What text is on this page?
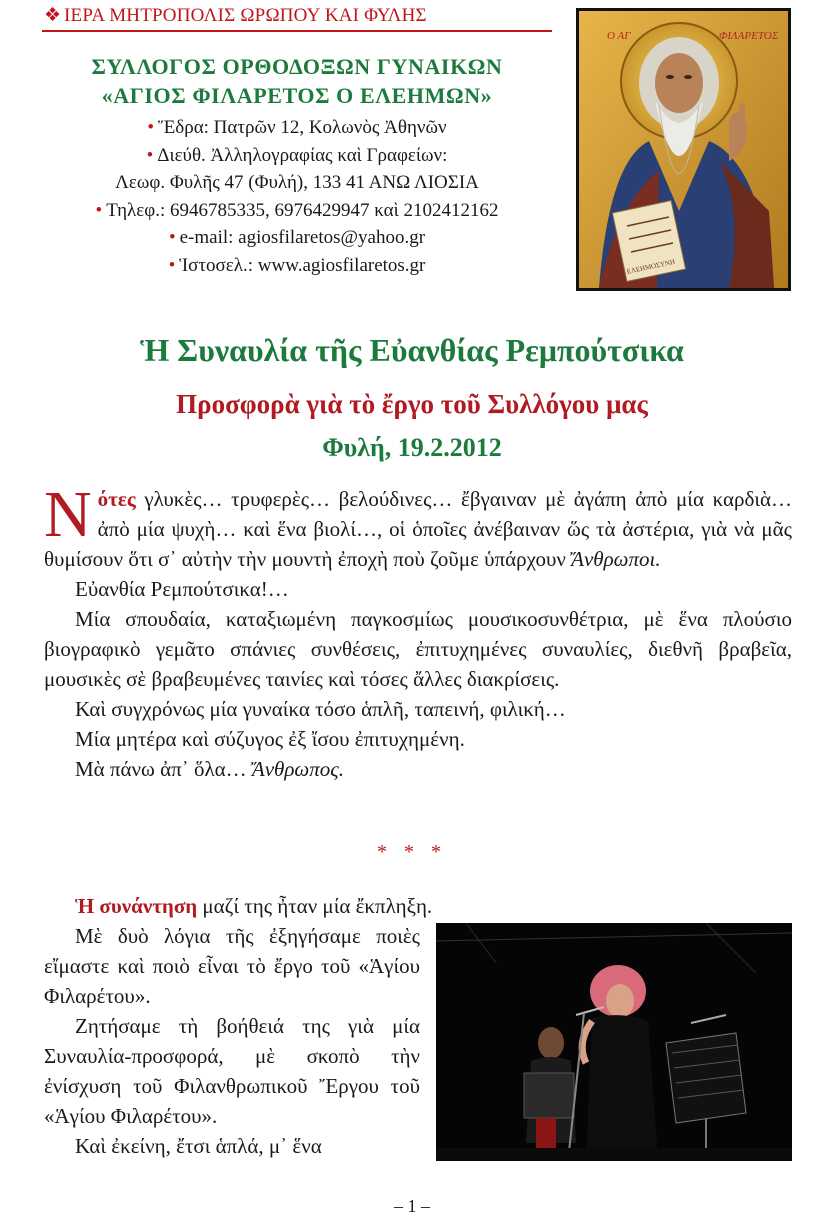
❖ ΙΕΡΑ ΜΗΤΡΟΠΟΛΙΣ ΩΡΩΠΟΥ ΚΑΙ ΦΥΛΗΣ
ΣΥΛΛΟΓΟΣ ΟΡΘΟΔΟΞΩΝ ΓΥΝΑΙΚΩΝ
«ΑΓΙΟΣ ΦΙΛΑΡΕΤΟΣ Ο ΕΛΕΗΜΩΝ»
• Ἕδρα: Πατρῶν 12, Κολωνὸς Ἀθηνῶν
• Διεύθ. Ἀλληλογραφίας καὶ Γραφείων:
Λεωφ. Φυλῆς 47 (Φυλή), 133 41 ΑΝΩ ΛΙΟΣΙΑ
• Τηλεφ.: 6946785335, 6976429947 καὶ 2102412162
• e-mail: agiosfilaretos@yahoo.gr
• Ἱστοσελ.: www.agiosfilaretos.gr
Ο ΑΓ	ΦΙΛΑΡΕΤΟΣ
ΕΛΕΗΜΟΣΥΝΗ
Ἡ Συναυλία τῆς Εὐανθίας Ρεμπούτσικα
Προσφορὰ γιὰ τὸ ἔργο τοῦ Συλλόγου μας
Φυλή, 19.2.2012

Νότες γλυκὲς… τρυφερὲς… βελούδινες… ἔβγαιναν μὲ ἀγάπη ἀπὸ μία καρδιὰ… ἀπὸ μία ψυχὴ… καὶ ἕνα βιολί…, οἱ ὁποῖες ἀνέβαιναν ὥς τὰ ἀστέρια, γιὰ νὰ μᾶς θυμίσουν ὅτι σ᾽ αὐτὴν τὴν μουντὴ ἐποχὴ ποὺ ζοῦμε ὑπάρχουν Ἄνθρωποι.

Εὐανθία Ρεμπούτσικα!…

Μία σπουδαία, καταξιωμένη παγκοσμίως μουσικοσυνθέτρια, μὲ ἕνα πλούσιο βιογραφικὸ γεμᾶτο σπάνιες συνθέσεις, ἐπιτυχημένες συναυλίες, διεθνῆ βραβεῖα, μουσικὲς σὲ βραβευμένες ταινίες καὶ τόσες ἄλλες διακρίσεις.

Καὶ συγχρόνως μία γυναίκα τόσο ἁπλῆ, ταπεινή, φιλική…

Μία μητέρα καὶ σύζυγος ἐξ ἴσου ἐπιτυχημένη.

Μὰ πάνω ἀπ᾽ ὅλα… Ἄνθρωπος.

* * *

Ἡ συνάντηση μαζί της ἦταν μία ἔκπληξη.

Μὲ δυὸ λόγια τῆς ἐξηγήσαμε ποιὲς εἴμαστε καὶ ποιὸ εἶναι τὸ ἔργο τοῦ «Ἁγίου Φιλαρέτου».

Ζητήσαμε τὴ βοήθειά της γιὰ μία Συναυλία-προσφορά, μὲ σκοπὸ τὴν ἐνίσχυση τοῦ Φιλανθρωπικοῦ Ἔργου τοῦ «Ἁγίου Φιλαρέτου».

Καὶ ἐκείνη, ἔτσι ἁπλά, μ᾽ ἕνα

– 1 –
